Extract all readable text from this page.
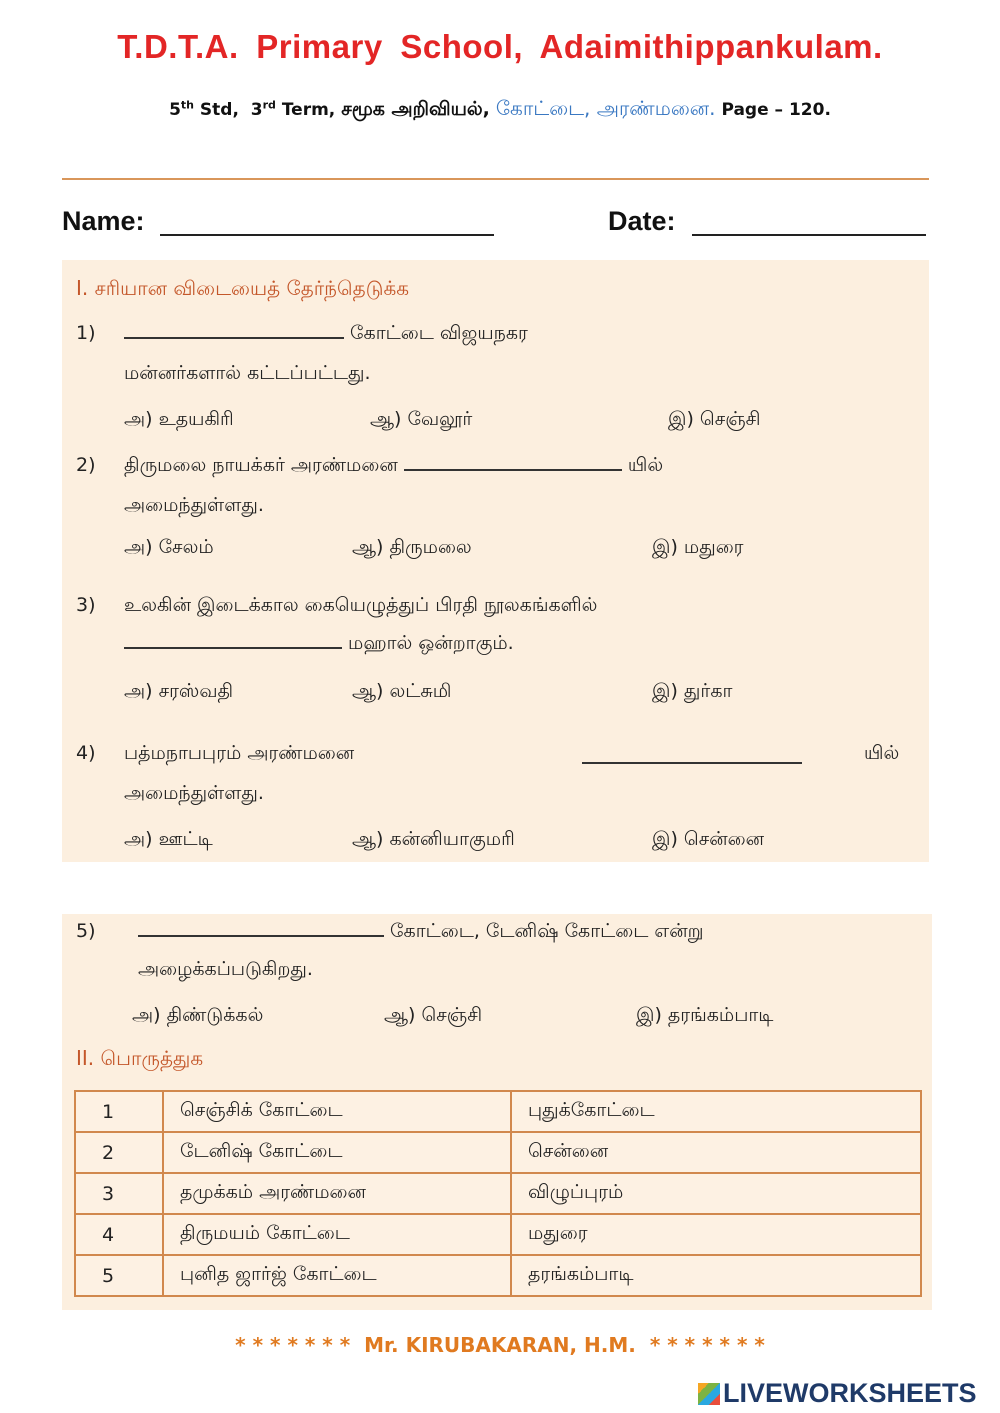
T.D.T.A. Primary School, Adaimithippankulam.
5th Std, 3rd Term, சமூக அறிவியல், கோட்டை, அரண்மனை. Page – 120.
Name:	Date:
I. சரியான விடையைத் தேர்ந்தெடுக்க
1)	கோட்டை விஜயநகர
மன்னர்களால் கட்டப்பட்டது.
அ) உதயகிரி	ஆ) வேலூர்	இ) செஞ்சி
2) திருமலை நாயக்கர் அரண்மனை	யில்
அமைந்துள்ளது.
அ) சேலம்	ஆ) திருமலை	இ) மதுரை
3) உலகின் இடைக்கால கையெழுத்துப் பிரதி நூலகங்களில்
மஹால் ஒன்றாகும்.
அ) சரஸ்வதி	ஆ) லட்சுமி	இ) துர்கா
4) பத்மநாபபுரம் அரண்மனை	யில்
அமைந்துள்ளது.
அ) ஊட்டி	ஆ) கன்னியாகுமரி	இ) சென்னை
5)	கோட்டை, டேனிஷ் கோட்டை என்று
அழைக்கப்படுகிறது.
அ) திண்டுக்கல்	ஆ) செஞ்சி	இ) தரங்கம்பாடி
II. பொருத்துக
1	செஞ்சிக் கோட்டை	புதுக்கோட்டை
2	டேனிஷ் கோட்டை	சென்னை
3	தமுக்கம் அரண்மனை	விழுப்புரம்
4	திருமயம் கோட்டை	மதுரை
5	புனித ஜார்ஜ் கோட்டை	தரங்கம்பாடி
* * * * * * * Mr. KIRUBAKARAN, H.M. * * * * * * *
LIVEWORKSHEETS
